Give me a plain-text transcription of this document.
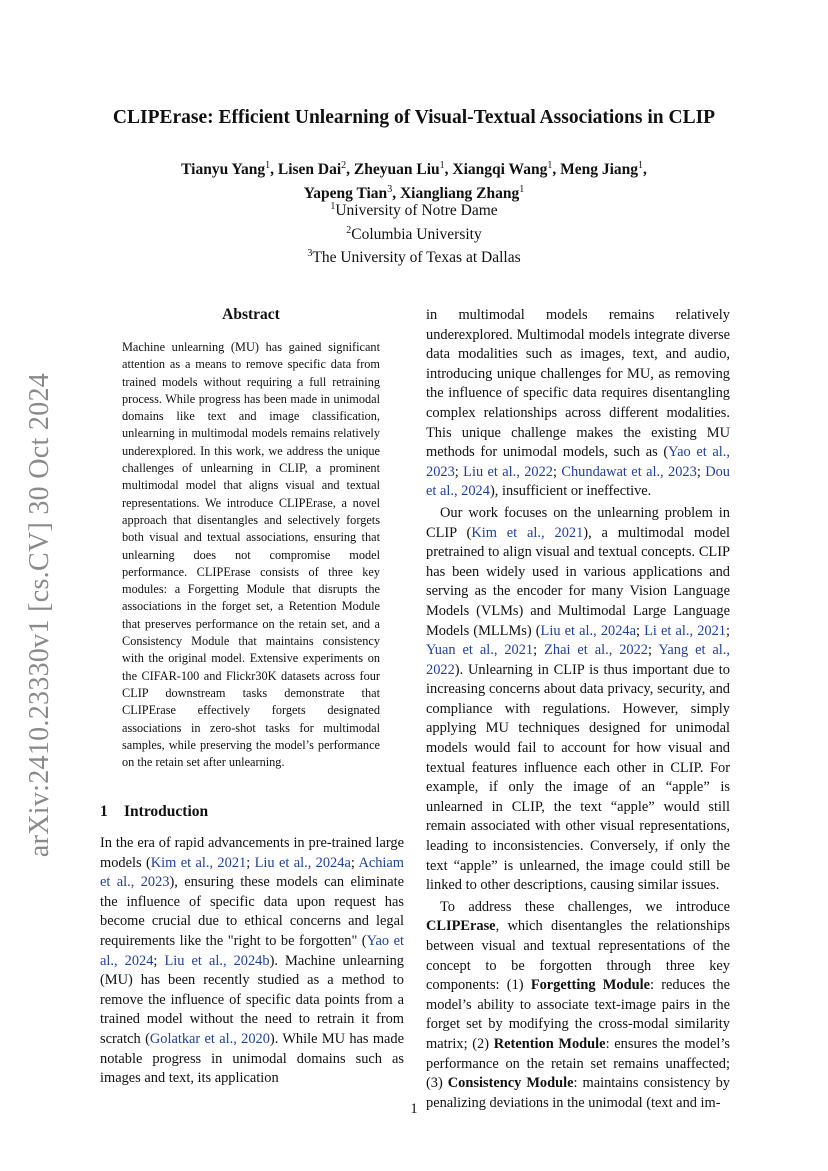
arXiv:2410.23330v1 [cs.CV] 30 Oct 2024
CLIPErase: Efficient Unlearning of Visual-Textual Associations in CLIP
Tianyu Yang$^1$, Lisen Dai$^2$, Zheyuan Liu$^1$, Xiangqi Wang$^1$, Meng Jiang$^1$,
Yapeng Tian$^3$, Xiangliang Zhang$^1$
$^1$University of Notre Dame
$^2$Columbia University
$^3$The University of Texas at Dallas
Abstract
Machine unlearning (MU) has gained significant attention as a means to remove specific data from trained models without requiring a full retraining process. While progress has been made in unimodal domains like text and image classification, unlearning in multimodal models remains relatively underexplored. In this work, we address the unique challenges of unlearning in CLIP, a prominent multimodal model that aligns visual and textual representations. We introduce CLIPErase, a novel approach that disentangles and selectively forgets both visual and textual associations, ensuring that unlearning does not compromise model performance. CLIPErase consists of three key modules: a Forgetting Module that disrupts the associations in the forget set, a Retention Module that preserves performance on the retain set, and a Consistency Module that maintains consistency with the original model. Extensive experiments on the CIFAR-100 and Flickr30K datasets across four CLIP downstream tasks demonstrate that CLIPErase effectively forgets designated associations in zero-shot tasks for multimodal samples, while preserving the model’s performance on the retain set after unlearning.
1 Introduction
In the era of rapid advancements in pre-trained large models (Kim et al., 2021; Liu et al., 2024a; Achiam et al., 2023), ensuring these models can eliminate the influence of specific data upon request has become crucial due to ethical concerns and legal requirements like the "right to be forgotten" (Yao et al., 2024; Liu et al., 2024b). Machine unlearning (MU) has been recently studied as a method to remove the influence of specific data points from a trained model without the need to retrain it from scratch (Golatkar et al., 2020). While MU has made notable progress in unimodal domains such as images and text, its application

in multimodal models remains relatively underexplored. Multimodal models integrate diverse data modalities such as images, text, and audio, introducing unique challenges for MU, as removing the influence of specific data requires disentangling complex relationships across different modalities. This unique challenge makes the existing MU methods for unimodal models, such as (Yao et al., 2023; Liu et al., 2022; Chundawat et al., 2023; Dou et al., 2024), insufficient or ineffective.

Our work focuses on the unlearning problem in CLIP (Kim et al., 2021), a multimodal model pretrained to align visual and textual concepts. CLIP has been widely used in various applications and serving as the encoder for many Vision Language Models (VLMs) and Multimodal Large Language Models (MLLMs) (Liu et al., 2024a; Li et al., 2021; Yuan et al., 2021; Zhai et al., 2022; Yang et al., 2022). Unlearning in CLIP is thus important due to increasing concerns about data privacy, security, and compliance with regulations. However, simply applying MU techniques designed for unimodal models would fail to account for how visual and textual features influence each other in CLIP. For example, if only the image of an “apple” is unlearned in CLIP, the text “apple” would still remain associated with other visual representations, leading to inconsistencies. Conversely, if only the text “apple” is unlearned, the image could still be linked to other descriptions, causing similar issues.

To address these challenges, we introduce CLIPErase, which disentangles the relationships between visual and textual representations of the concept to be forgotten through three key components: (1) Forgetting Module: reduces the model’s ability to associate text-image pairs in the forget set by modifying the cross-modal similarity matrix; (2) Retention Module: ensures the model’s performance on the retain set remains unaffected; (3) Consistency Module: maintains consistency by penalizing deviations in the unimodal (text and im-

1
